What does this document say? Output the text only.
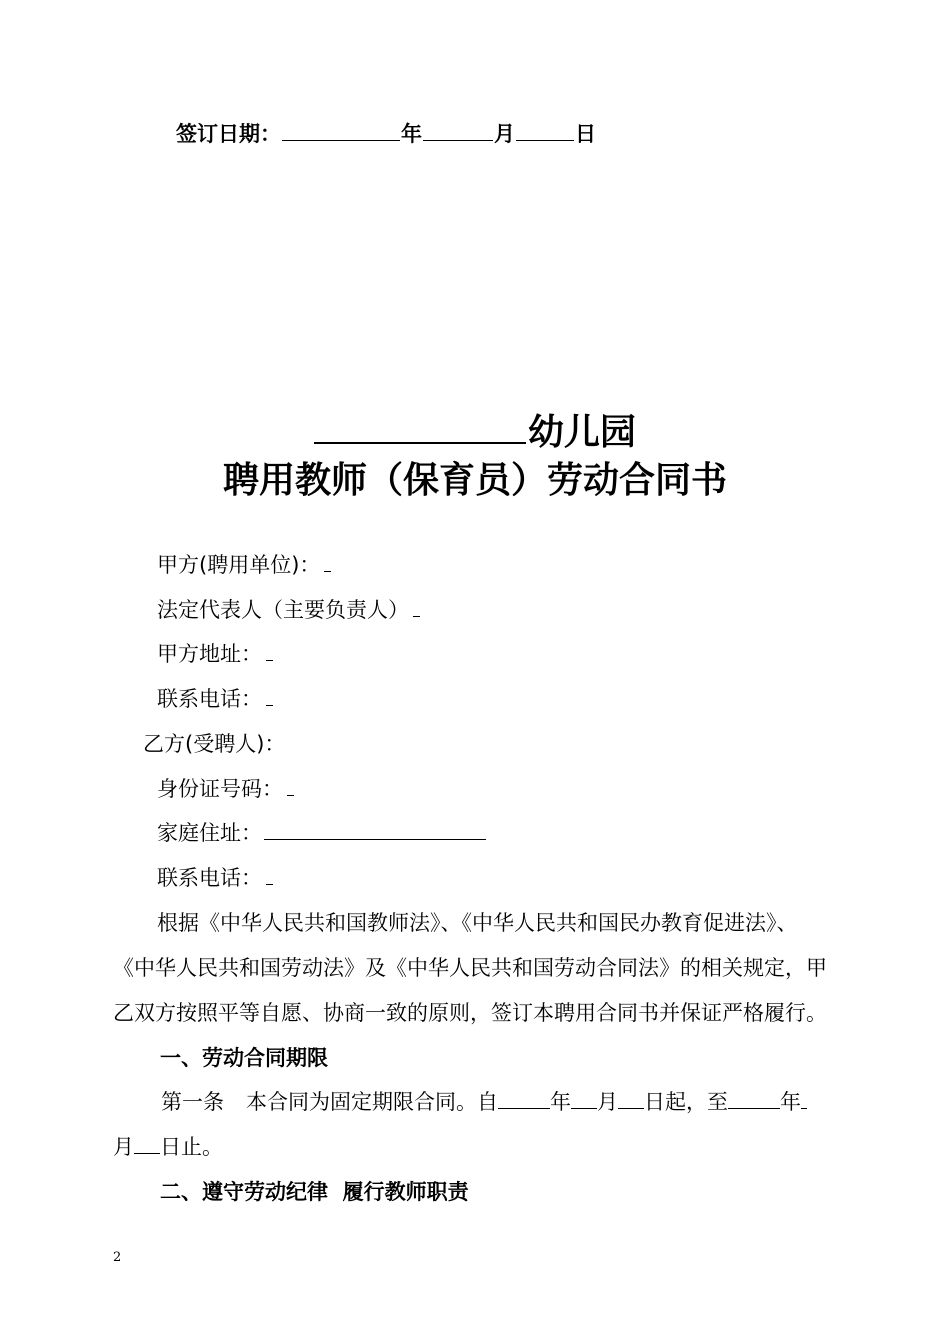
签订日期：	年	月	日
幼儿园
聘用教师（保育员）劳动合同书
甲方(聘用单位)：
法定代表人（主要负责人）
甲方地址：
联系电话：
乙方(受聘人)：
身份证号码：
家庭住址：
联系电话：
根据《中华人民共和国教师法》、《中华人民共和国民办教育促进法》、
《中华人民共和国劳动法》及《中华人民共和国劳动合同法》的相关规定，甲
乙双方按照平等自愿、协商一致的原则，签订本聘用合同书并保证严格履行。
一、劳动合同期限
第一条 本合同为固定期限合同。自 年 月 日起，至 年
月 日止。
二、遵守劳动纪律  履行教师职责
2
